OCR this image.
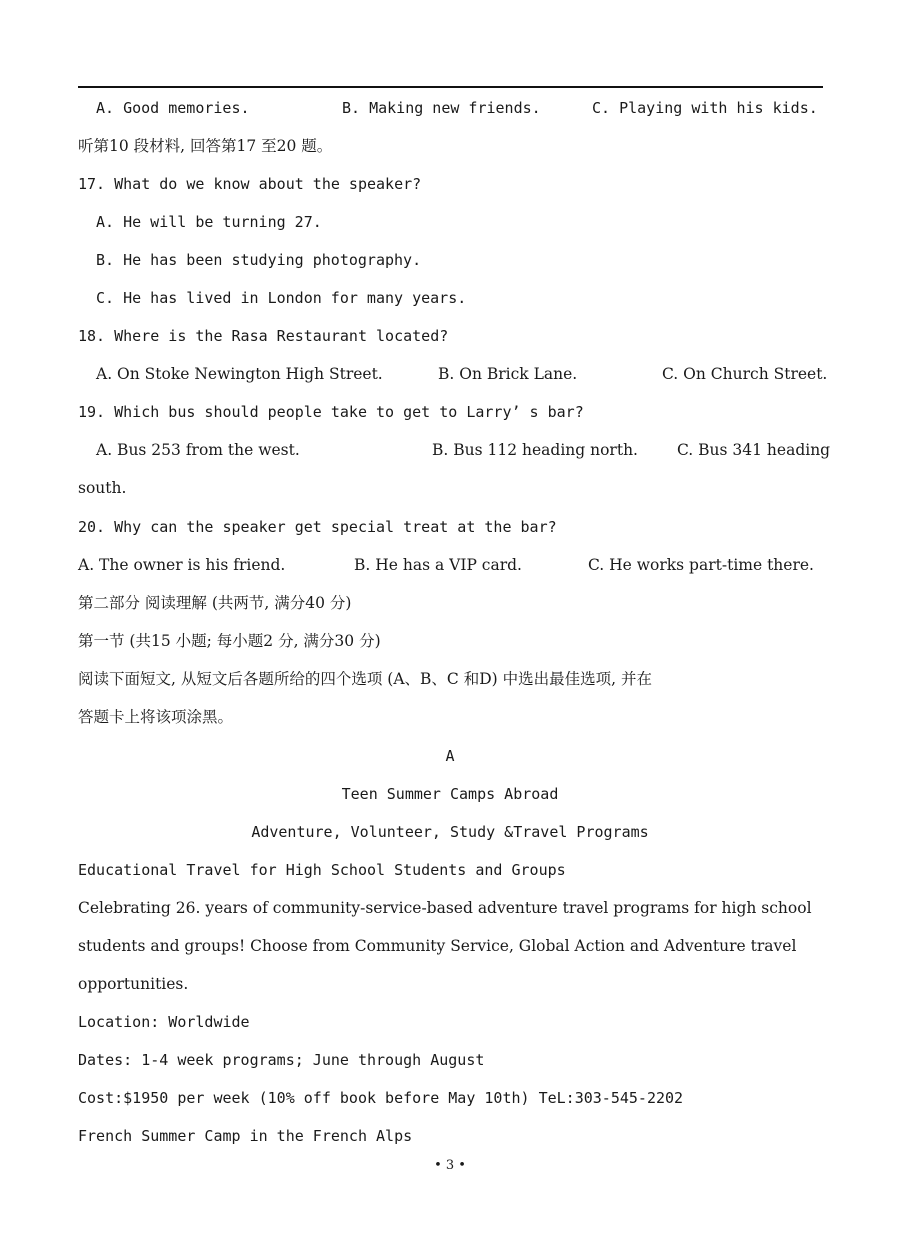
A. Good memories.	B. Making new friends.	C. Playing with his kids.
听第10 段材料, 回答第17 至20 题。
17. What do we know about the speaker?
A. He will be turning 27.
B. He has been studying photography.
C. He has lived in London for many years.
18. Where is the Rasa Restaurant located?
A. On Stoke Newington High Street.	B. On Brick Lane.	C. On Church Street.
19. Which bus should people take to get to Larry’ s bar?
A. Bus 253 from the west.	B. Bus 112 heading north.	C. Bus 341 heading
south.
20. Why can the speaker get special treat at the bar?
A. The owner is his friend.	B. He has a VIP card.	C. He works part-time there.
第二部分 阅读理解 (共两节, 满分40 分)
第一节 (共15 小题; 每小题2 分, 满分30 分)
阅读下面短文, 从短文后各题所给的四个选项 (A、B、C 和D) 中选出最佳选项, 并在
答题卡上将该项涂黑。
A
Teen Summer Camps Abroad
Adventure, Volunteer, Study &Travel Programs
Educational Travel for High School Students and Groups
Celebrating 26. years of community-service-based adventure travel programs for high school
students and groups! Choose from Community Service, Global Action and Adventure travel
opportunities.
Location: Worldwide
Dates: 1-4 week programs; June through August
Cost:$1950 per week (10% off book before May 10th) TeL:303-545-2202
French Summer Camp in the French Alps
• 3 •
